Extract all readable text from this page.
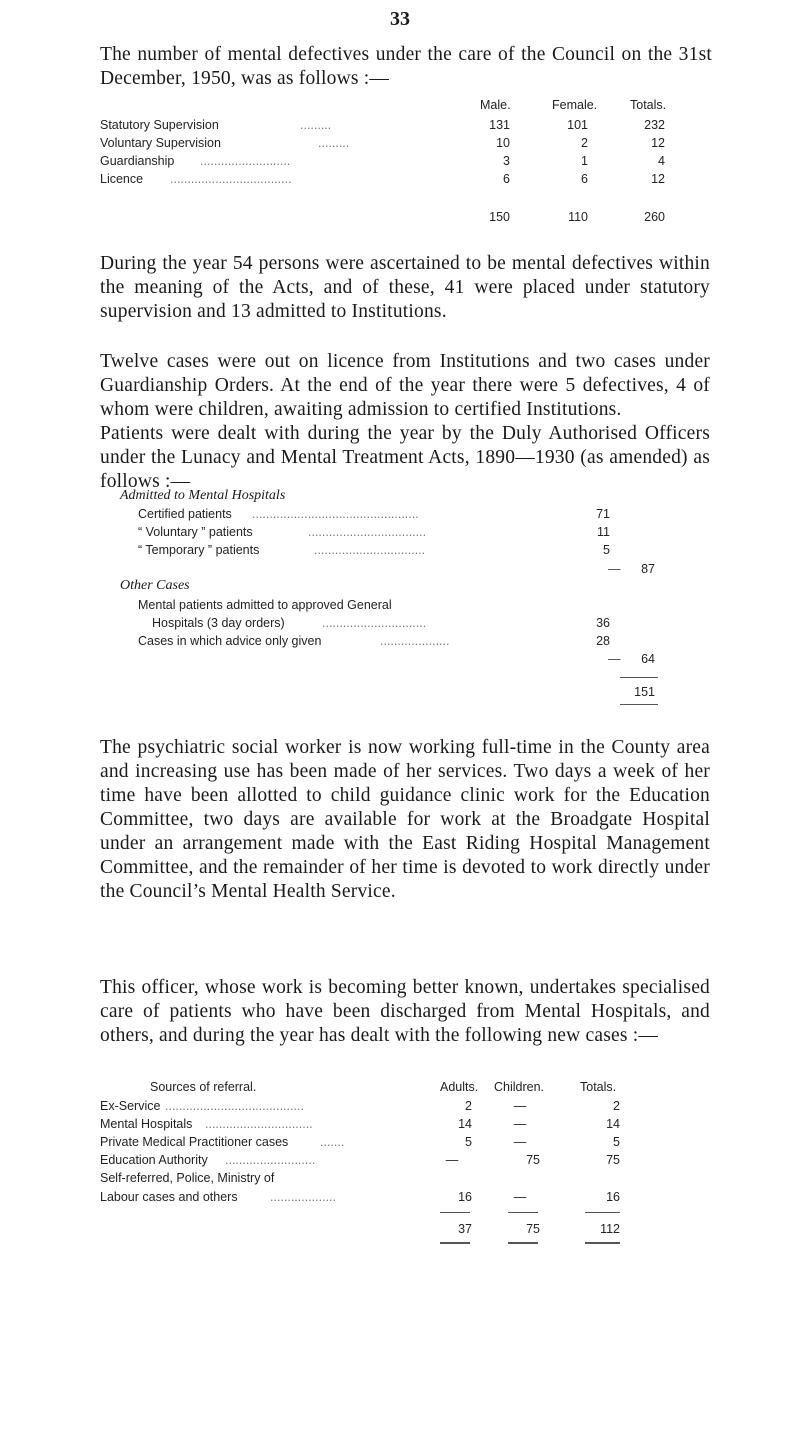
33

The number of mental defectives under the care of the Council on the 31st December, 1950, was as follows :—

Male.	Female.	Totals.
Statutory Supervision	.........	131	101	232
Voluntary Supervision	.........	10	2	12
Guardianship ..........................	3	1	4
Licence ...................................	6	6	12
150	110	260

During the year 54 persons were ascertained to be mental defectives within the meaning of the Acts, and of these, 41 were placed under statutory supervision and 13 admitted to Institutions.

Twelve cases were out on licence from Institutions and two cases under Guardianship Orders. At the end of the year there were 5 defectives, 4 of whom were children, awaiting admission to certified Institutions.

Patients were dealt with during the year by the Duly Authorised Officers under the Lunacy and Mental Treatment Acts, 1890—1930 (as amended) as follows :—

Admitted to Mental Hospitals
Certified patients ................................................	71
“ Voluntary ” patients	..................................	11
“ Temporary ” patients	................................	5
—	87
Other Cases
Mental patients admitted to approved General
Hospitals (3 day orders)	..............................	36
Cases in which advice only given	....................	28
—	64
151

The psychiatric social worker is now working full-time in the County area and increasing use has been made of her services. Two days a week of her time have been allotted to child guidance clinic work for the Education Committee, two days are available for work at the Broadgate Hospital under an arrangement made with the East Riding Hospital Management Committee, and the remainder of her time is devoted to work directly under the Council’s Mental Health Service.

This officer, whose work is becoming better known, undertakes specialised care of patients who have been discharged from Mental Hospitals, and others, and during the year has dealt with the following new cases :—

Sources of referral.	Adults. Children.	Totals.
Ex-Service ........................................	2	—	2
Mental Hospitals ...............................	14	—	14
Private Medical Practitioner cases	.......	5	—	5
Education Authority ..........................	—	75	75
Self-referred, Police, Ministry of
Labour cases and others	...................	16	—	16
37	75	112
